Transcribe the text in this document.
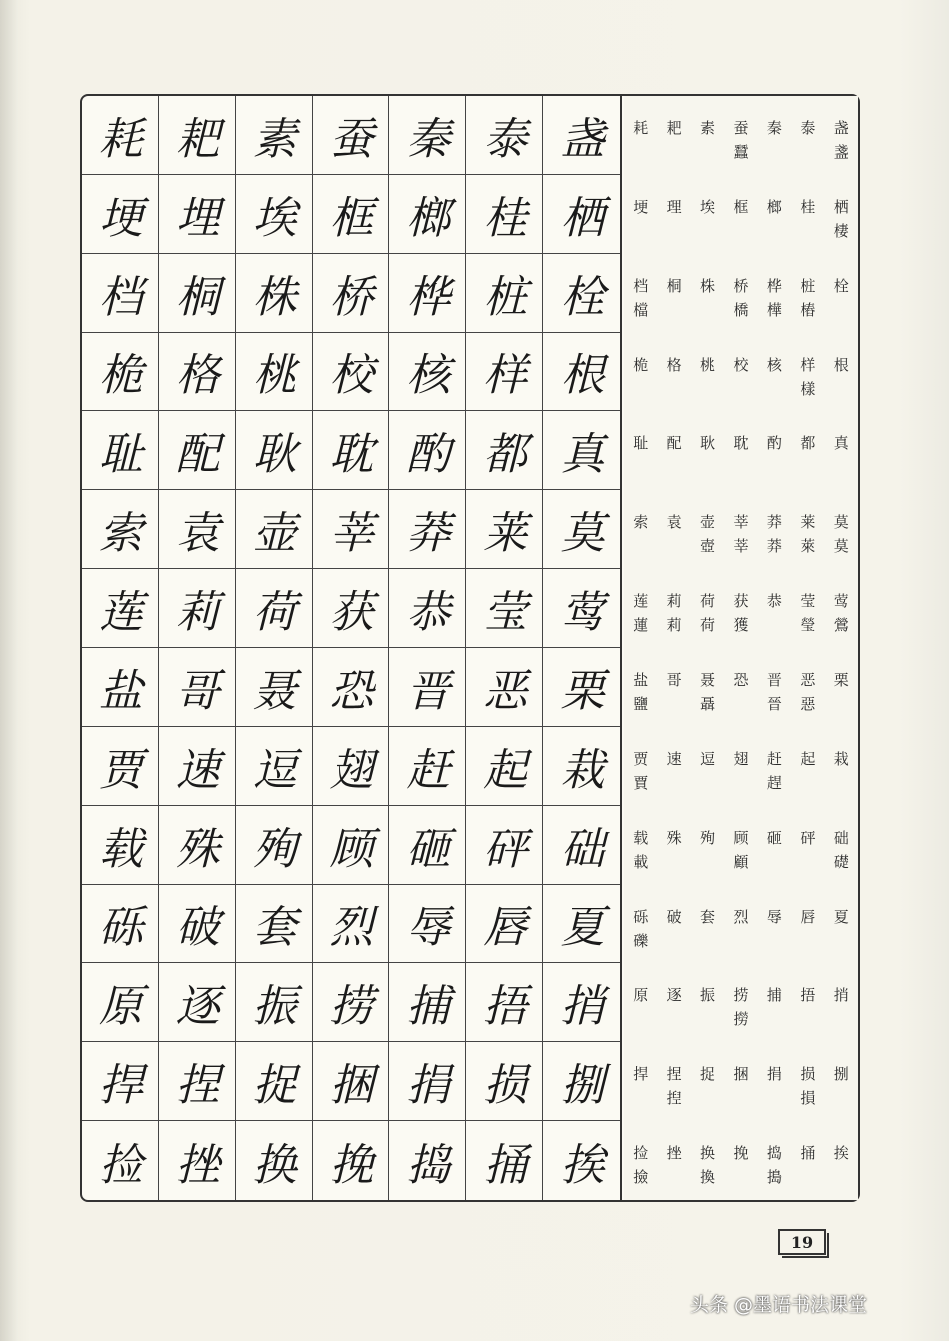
耗 耙 素 蚕 秦 泰 盏
埂 埋 埃 框 榔 桂 栖
档 桐 株 桥 桦 桩 栓
桅 格 桃 校 核 样 根
耻 配 耿 耽 酌 都 真
索 袁 壶 莘 莽 莱 莫
莲 莉 荷 获 恭 莹 莺
盐 哥 聂 恐 晋 恶 栗
贾 速 逗 翅 赶 起 栽
载 殊 殉 顾 砸 砰 础
砾 破 套 烈 辱 唇 夏
原 逐 振 捞 捕 捂 捎
捍 捏 捉 捆 捐 损 捌
捡 挫 换 挽 捣 捅 挨
耗 耙 素 蚕
蠶
秦 泰 盏
盞
埂 理 埃 框 榔 桂 栖
棲
档
檔
桐 株 桥
橋
桦
樺
桩
樁
栓
桅 格 桃 校 核 样
樣
根
耻 配 耿 耽 酌 都 真
索 袁 壶
壺
莘
莘
莽
莽
莱
萊
莫
莫
莲
蓮
莉
莉
荷
荷
获
獲
恭 莹
瑩
莺
鶯
盐
鹽
哥 聂
聶
恐 晋
晉
恶
惡
栗
贾
賈
速 逗 翅 赶
趕
起 栽
载
載
殊 殉 顾
顧
砸 砰 础
礎
砾
礫
破 套 烈 辱 唇 夏
原 逐 振 捞
撈
捕 捂 捎
捍 捏
揑
捉 捆 捐 损
損
捌
捡
撿
挫 换
換
挽 捣
搗
捅 挨
19
头条 @墨语书法课堂
